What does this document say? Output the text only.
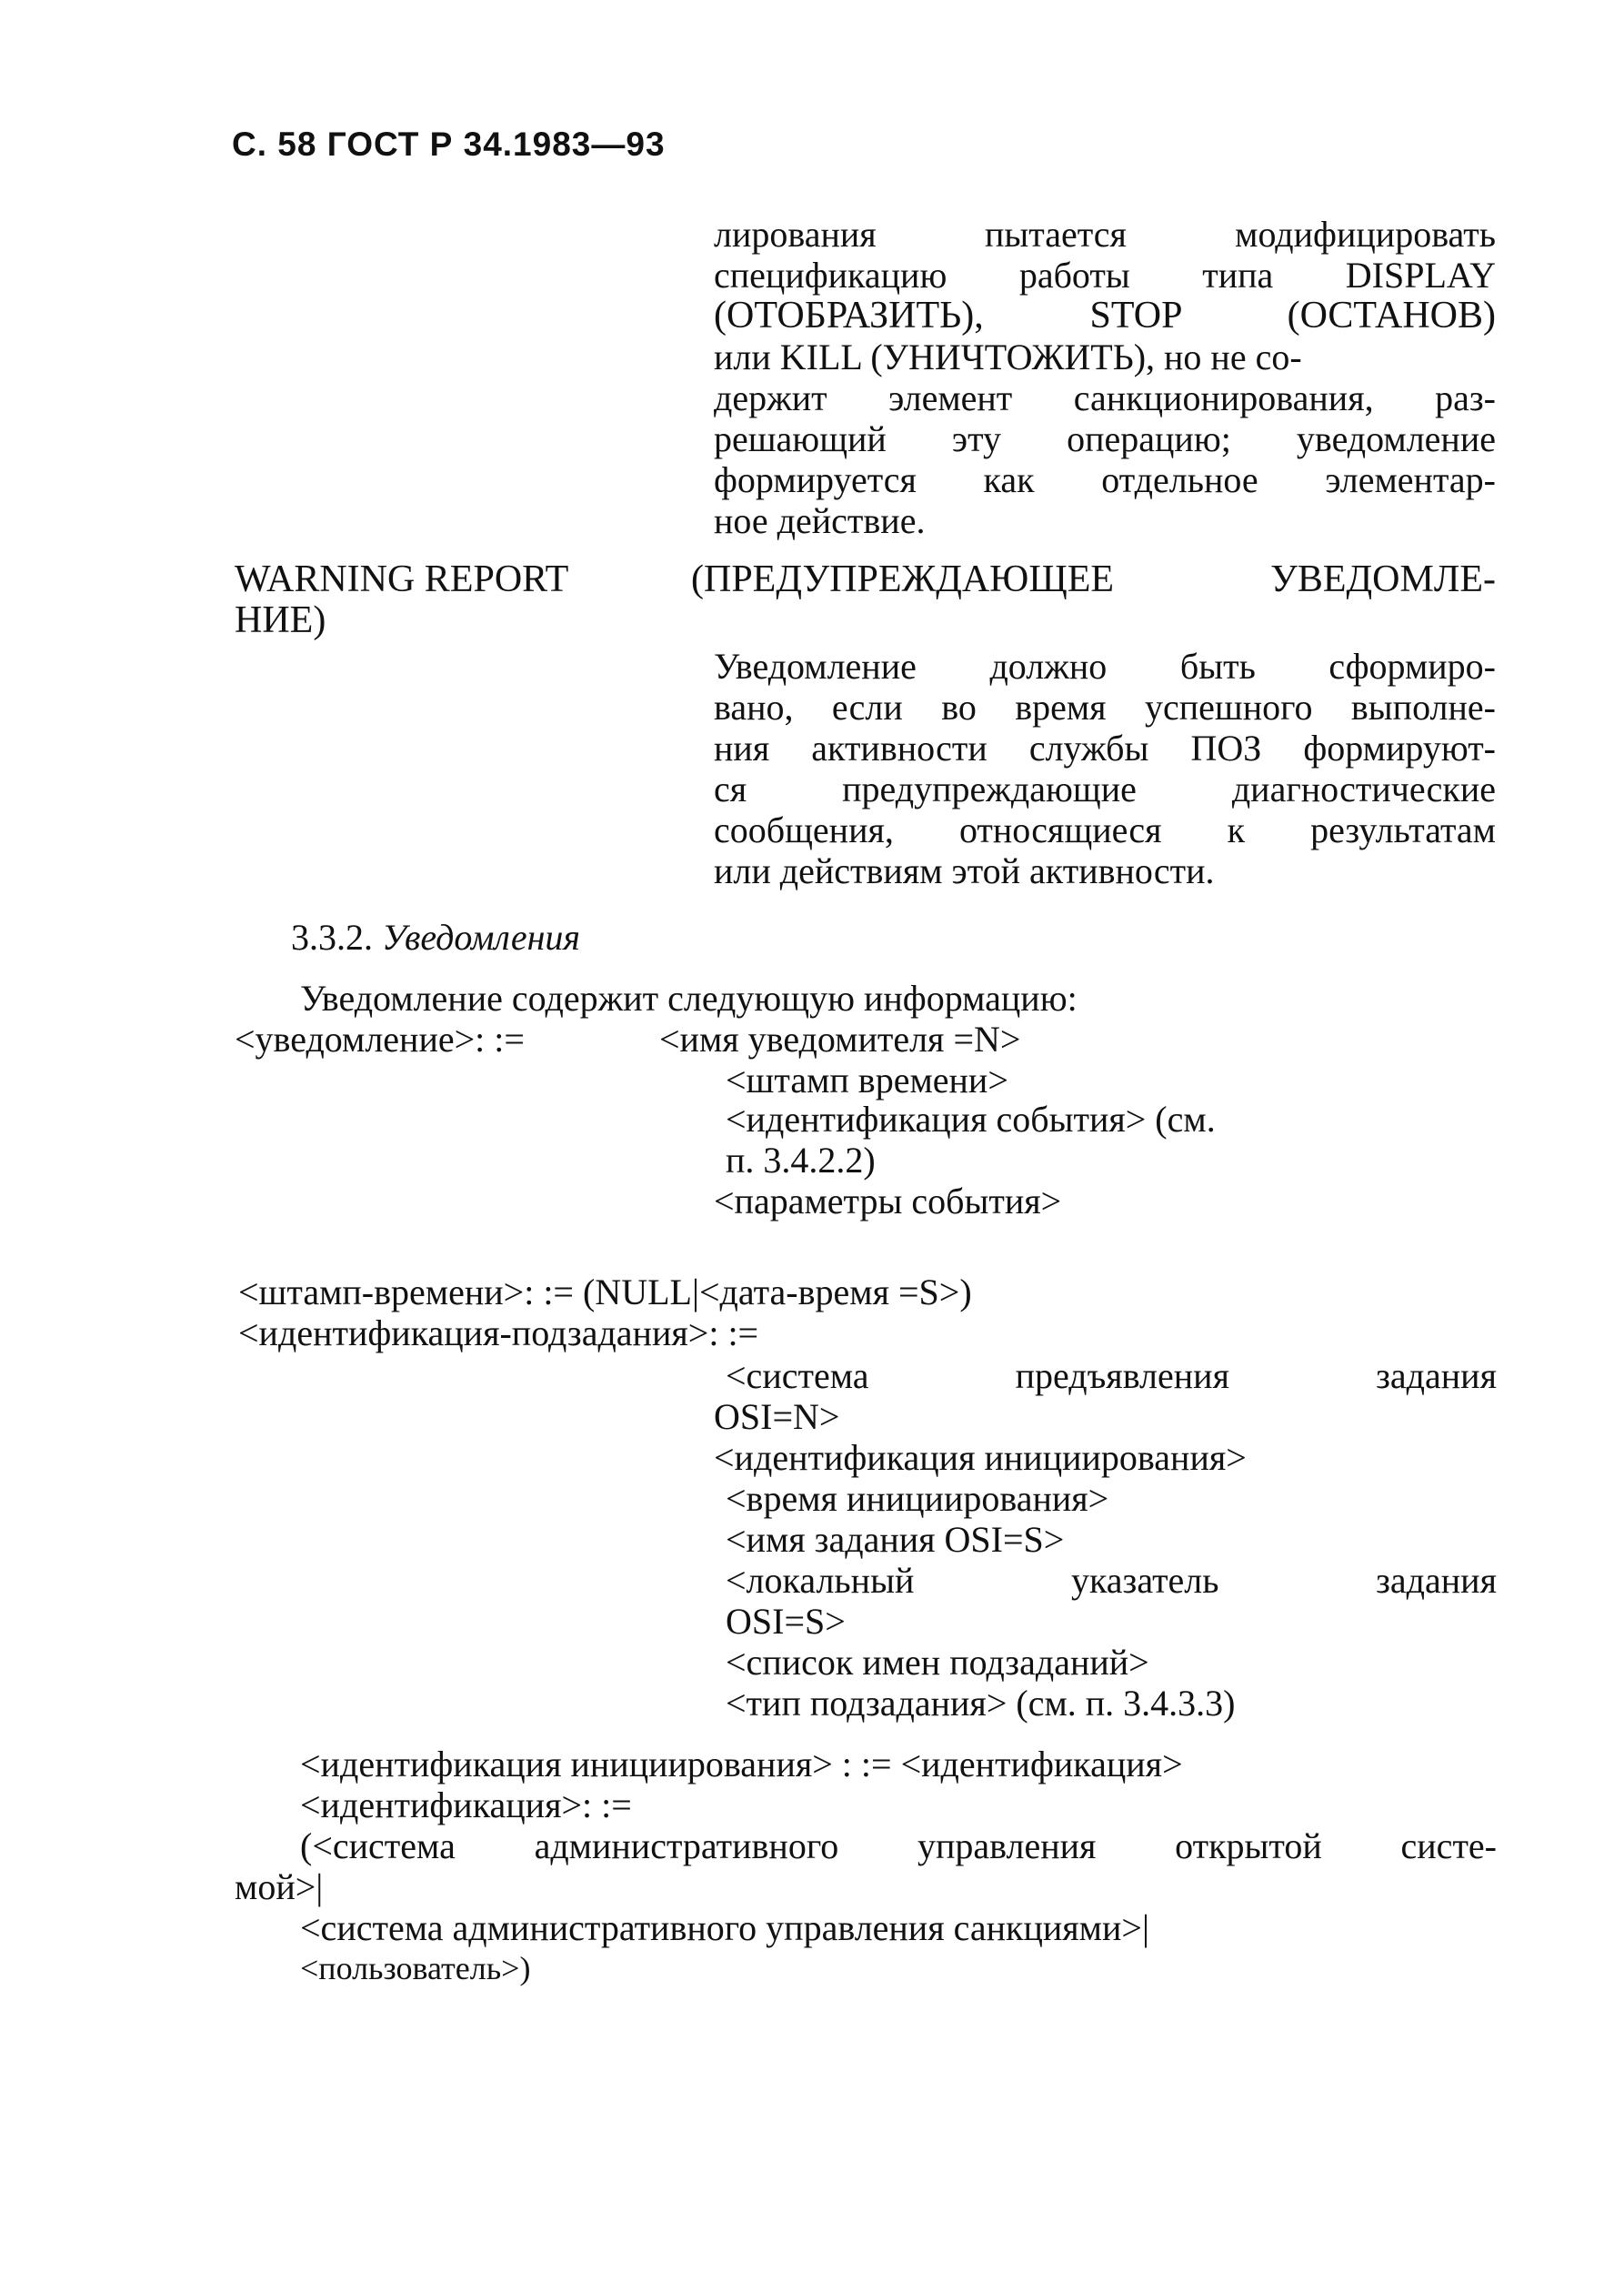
С. 58 ГОСТ Р 34.1983—93
лирования пытается модифицировать
спецификацию работы типа DISPLAY
(ОТОБРАЗИТЬ), STOP (ОСТАНОВ)
или KILL (УНИЧТОЖИТЬ), но не со-
держит элемент санкционирования, раз-
решающий эту операцию; уведомление
формируется как отдельное элементар-
ное действие.
WARNING REPORT	(ПРЕДУПРЕЖДАЮЩЕЕ УВЕДОМЛЕ-
НИЕ)
Уведомление должно быть сформиро-
вано, если во время успешного выполне-
ния активности службы ПОЗ формируют-
ся предупреждающие диагностические
сообщения, относящиеся к результатам
или действиям этой активности.
3.3.2. Уведомления
Уведомление содержит следующую информацию:
<уведомление>: :=	<имя уведомителя =N>
<штамп времени>
<идентификация события> (см.
п. 3.4.2.2)
<параметры события>
<штамп-времени>: := (NULL|<дата-время =S>)
<идентификация-подзадания>: :=
<система предъявления задания
OSI=N>
<идентификация инициирования>
<время инициирования>
<имя задания OSI=S>
<локальный указатель задания
OSI=S>
<список имен подзаданий>
<тип подзадания> (см. п. 3.4.3.3)
<идентификация инициирования> : := <идентификация>
<идентификация>: :=
(<система административного управления открытой систе-
мой>|
<система административного управления санкциями>|
<пользователь>)
